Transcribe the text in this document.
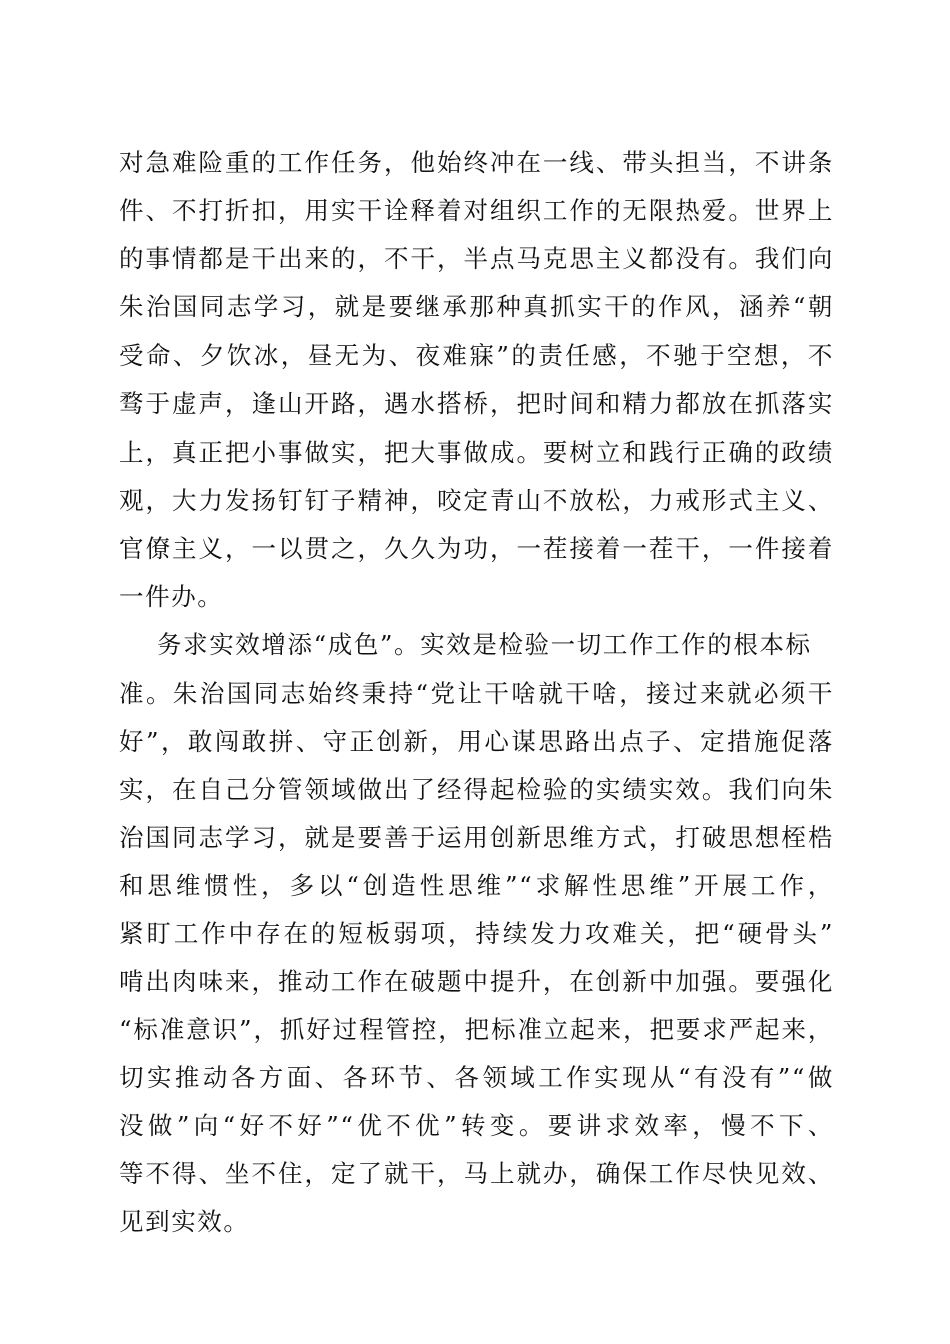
对急难险重的工作任务，他始终冲在一线、带头担当，不讲条
件、不打折扣，用实干诠释着对组织工作的无限热爱。世界上
的事情都是干出来的，不干，半点马克思主义都没有。我们向
朱治国同志学习，就是要继承那种真抓实干的作风，涵养“朝
受命、夕饮冰，昼无为、夜难寐”的责任感，不驰于空想，不
骛于虚声，逢山开路，遇水搭桥，把时间和精力都放在抓落实
上，真正把小事做实，把大事做成。要树立和践行正确的政绩
观，大力发扬钉钉子精神，咬定青山不放松，力戒形式主义、
官僚主义，一以贯之，久久为功，一茬接着一茬干，一件接着
一件办。
务求实效增添“成色”。实效是检验一切工作工作的根本标
准。朱治国同志始终秉持“党让干啥就干啥，接过来就必须干
好”，敢闯敢拼、守正创新，用心谋思路出点子、定措施促落
实，在自己分管领域做出了经得起检验的实绩实效。我们向朱
治国同志学习，就是要善于运用创新思维方式，打破思想桎梏
和思维惯性，多以“创造性思维”“求解性思维”开展工作，
紧盯工作中存在的短板弱项，持续发力攻难关，把“硬骨头”
啃出肉味来，推动工作在破题中提升，在创新中加强。要强化
“标准意识”，抓好过程管控，把标准立起来，把要求严起来，
切实推动各方面、各环节、各领域工作实现从“有没有”“做
没做”向“好不好”“优不优”转变。要讲求效率，慢不下、
等不得、坐不住，定了就干，马上就办，确保工作尽快见效、
见到实效。
